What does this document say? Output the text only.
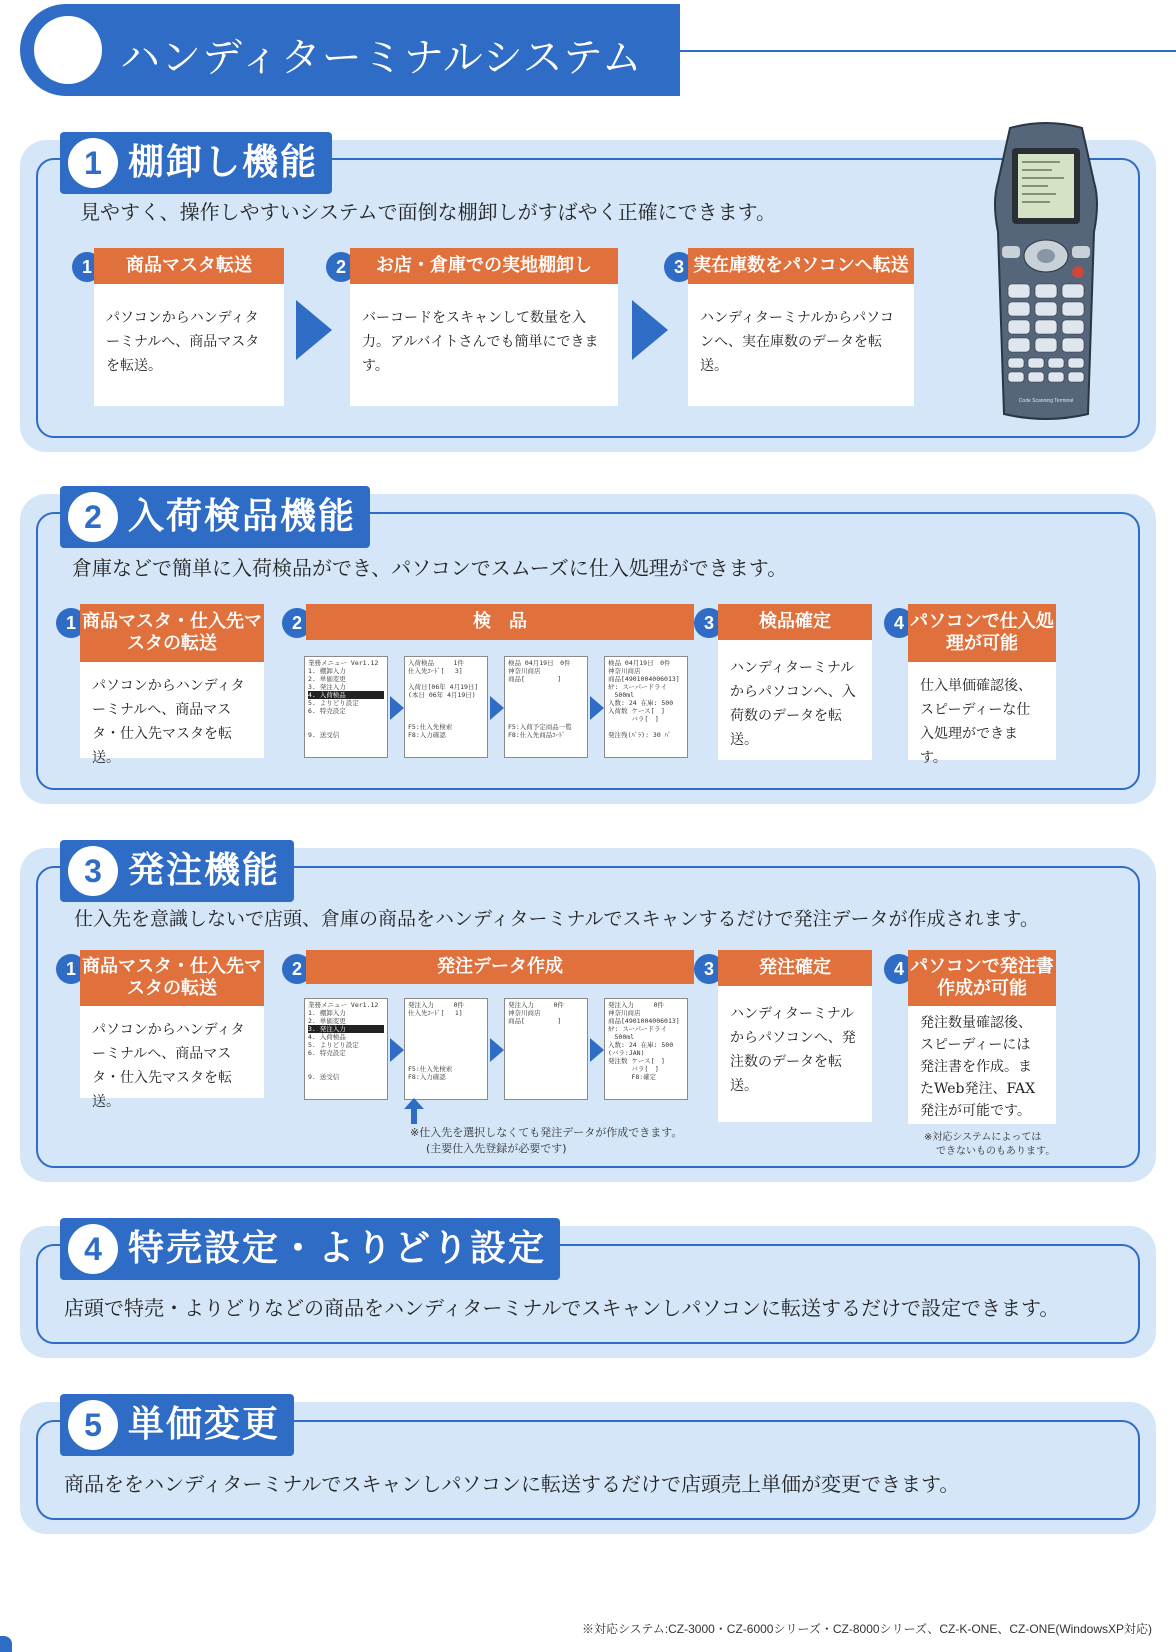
ハンディターミナルシステム
1 棚卸し機能
見やすく、操作しやすいシステムで面倒な棚卸しがすばやく正確にできます。
1	商品マスタ転送
パソコンからハンディターミナルへ、商品マスタを転送。
2	お店・倉庫での実地棚卸し
バーコードをスキャンして数量を入力。アルバイトさんでも簡単にできます。
3 実在庫数をパソコンへ転送
ハンディターミナルからパソコンへ、実在庫数のデータを転送。
Code Scanning Terminal
2 入荷検品機能
倉庫などで簡単に入荷検品ができ、パソコンでスムーズに仕入処理ができます。
1 商品マスタ・仕入先マスタの転送
パソコンからハンディターミナルへ、商品マスタ・仕入先マスタを転送。
2	検　品
業務メニュー Ver1.12
1. 棚卸入力
2. 単価変更
3. 発注入力
4. 入荷検品
5. よりどり設定
6. 特売設定

9. 送受信
入荷検品　　　1件
仕入先ｺｰﾄﾞ[　 3]

入荷日[06年 4月19日]
(本日 06年 4月19日)

F5:仕入先検索
F8:入力確認
検品 04月19日　0件
神奈川商店
商品[　　　　　]

F5:入荷予定商品一覧
F8:仕入先商品ｺｰﾄﾞ
検品 04月19日　0件
神奈川商店
商品[4901004006013]
ｶﾅ: スーパードライ
　500ml
入数: 24 在庫: 500
入荷数 ケース[　]
　　　 バラ[　]

発注残(ﾊﾞﾗ): 30 ﾊﾞ
3	検品確定
ハンディターミナルからパソコンへ、入荷数のデータを転送。
4 パソコンで仕入処理が可能
仕入単価確認後、スピーディーな仕入処理ができます。
3 発注機能
仕入先を意識しないで店頭、倉庫の商品をハンディターミナルでスキャンするだけで発注データが作成されます。
1 商品マスタ・仕入先マスタの転送
パソコンからハンディターミナルへ、商品マスタ・仕入先マスタを転送。
2	発注データ作成
業務メニュー Ver1.12
1. 棚卸入力
2. 単価変更
3. 発注入力
4. 入荷検品
5. よりどり設定
6. 特売設定

9. 送受信
発注入力　　　0件
仕入先ｺｰﾄﾞ[　 1]

F5:仕入先検索
F8:入力確認
発注入力　　　0件
神奈川商店
商品[　　　　　]

発注入力　　　0件
神奈川商店
商品[4901004006013]
ｶﾅ: スーパードライ
　500ml
入数: 24 在庫: 500
(バラ:JAN)
発注数 ケース[　]
　　　 バラ[　]
　　　 F8:確定
※仕入先を選択しなくても発注データが作成できます。
(主要仕入先登録が必要です)
3	発注確定
ハンディターミナルからパソコンへ、発注数のデータを転送。
4 パソコンで発注書作成が可能
発注数量確認後、スピーディーには発注書を作成。またWeb発注、FAX発注が可能です。
※対応システムによっては
できないものもあります。
4 特売設定・よりどり設定
店頭で特売・よりどりなどの商品をハンディターミナルでスキャンしパソコンに転送するだけで設定できます。
5 単価変更
商品ををハンディターミナルでスキャンしパソコンに転送するだけで店頭売上単価が変更できます。
※対応システム:CZ-3000・CZ-6000シリーズ・CZ-8000シリーズ、CZ-K-ONE、CZ-ONE(WindowsXP対応)
